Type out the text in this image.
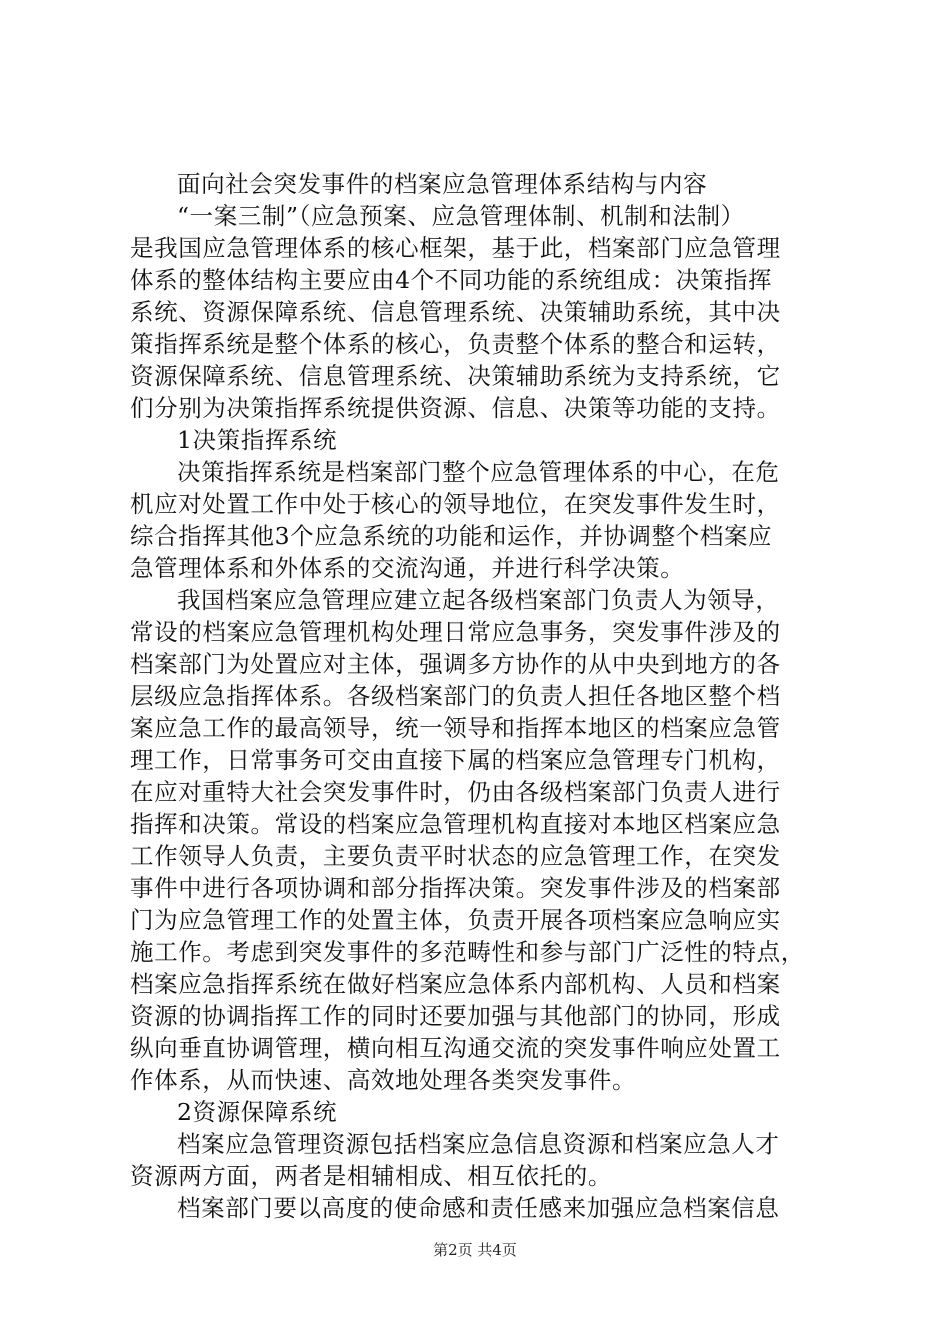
面向社会突发事件的档案应急管理体系结构与内容
“一案三制”（应急预案、应急管理体制、机制和法制）
是我国应急管理体系的核心框架，基于此，档案部门应急管理
体系的整体结构主要应由4个不同功能的系统组成：决策指挥
系统、资源保障系统、信息管理系统、决策辅助系统，其中决
策指挥系统是整个体系的核心，负责整个体系的整合和运转，
资源保障系统、信息管理系统、决策辅助系统为支持系统，它
们分别为决策指挥系统提供资源、信息、决策等功能的支持。
1决策指挥系统
决策指挥系统是档案部门整个应急管理体系的中心，在危
机应对处置工作中处于核心的领导地位，在突发事件发生时，
综合指挥其他3个应急系统的功能和运作，并协调整个档案应
急管理体系和外体系的交流沟通，并进行科学决策。
我国档案应急管理应建立起各级档案部门负责人为领导，
常设的档案应急管理机构处理日常应急事务，突发事件涉及的
档案部门为处置应对主体，强调多方协作的从中央到地方的各
层级应急指挥体系。各级档案部门的负责人担任各地区整个档
案应急工作的最高领导，统一领导和指挥本地区的档案应急管
理工作，日常事务可交由直接下属的档案应急管理专门机构，
在应对重特大社会突发事件时，仍由各级档案部门负责人进行
指挥和决策。常设的档案应急管理机构直接对本地区档案应急
工作领导人负责，主要负责平时状态的应急管理工作，在突发
事件中进行各项协调和部分指挥决策。突发事件涉及的档案部
门为应急管理工作的处置主体，负责开展各项档案应急响应实
施工作。考虑到突发事件的多范畴性和参与部门广泛性的特点，
档案应急指挥系统在做好档案应急体系内部机构、人员和档案
资源的协调指挥工作的同时还要加强与其他部门的协同，形成
纵向垂直协调管理，横向相互沟通交流的突发事件响应处置工
作体系，从而快速、高效地处理各类突发事件。
2资源保障系统
档案应急管理资源包括档案应急信息资源和档案应急人才
资源两方面，两者是相辅相成、相互依托的。
档案部门要以高度的使命感和责任感来加强应急档案信息
第2页 共4页
